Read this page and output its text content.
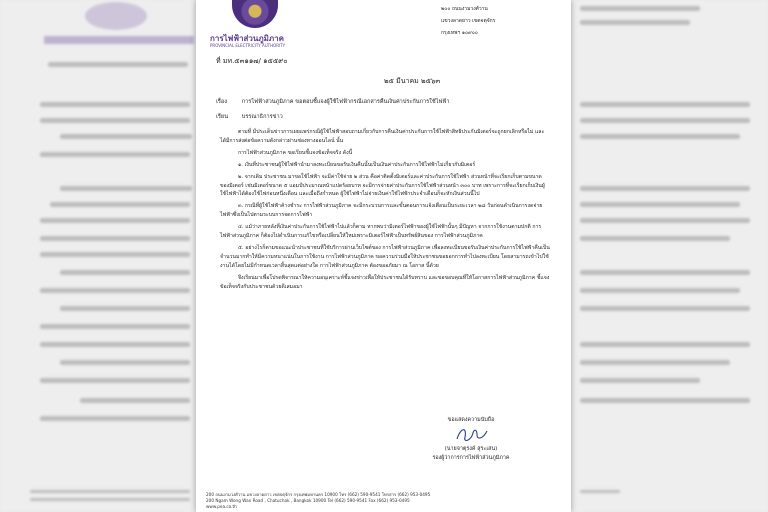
การไฟฟ้าส่วนภูมิภาค
PROVINCIAL ELECTRICITY AUTHORITY
๒๐๐ ถนนงามวงศ์วาน
แขวงลาดยาว เขตจตุจักร
กรุงเทพฯ ๑๐๙๐๐
ที่ มท.๕๓๑๑๗/ ๑๕๕๙๐
๒๕ มีนาคม ๒๕๖๓
เรื่อง	การไฟฟ้าส่วนภูมิภาค ขอตอบชี้แจงผู้ใช้ไฟฟ้ากรณีเอกสารคืนเงินค่าประกันการใช้ไฟฟ้า
เรียน บรรณาธิการข่าว

ตามที่ มีประเด็นข่าวการเผยแพร่กรณีผู้ใช้ไฟฟ้าสอบถามเกี่ยวกับการคืนเงินค่าประกันการใช้ไฟฟ้าสิทธิประกันมิเตอร์จะถูกยกเลิกหรือไม่ และได้มีการส่งต่อข้อความดังกล่าวผ่านช่องทางออนไลน์ นั้น

การไฟฟ้าส่วนภูมิภาค ขอเรียนชี้แจงข้อเท็จจริง ดังนี้

๑. เงินที่ประชาชนผู้ใช้ไฟฟ้านำมาลงทะเบียนขอรับเงินคืนนั้นเป็นเงินค่าประกันการใช้ไฟฟ้าไม่เกี่ยวกับมิเตอร์

๒. จากเดิม ประชาชน มาขอใช้ไฟฟ้า จะมีค่าใช้จ่าย ๒ ส่วน คือค่าติดตั้งมิเตอร์และค่าประกันการใช้ไฟฟ้า ส่วนหน้าที่จะเรียกเก็บตามขนาดของมิเตอร์ เช่นมิเตอร์ขนาด ๕ แอมป์ประมาณหน้าแปดร้อยบาท จะมีการจ่ายค่าประกันการใช้ไฟฟ้าส่วนหน้า ๓๐๐ บาท เพราะการที่จะเรียกเก็บเงินผู้ใช้ไฟฟ้าได้ต้องใช้ไฟก่อนหนึ่งเดือน และเมื่อถึงกำหนด ผู้ใช้ไฟฟ้าไม่จ่ายเงินค่าใช้ไฟฟ้าประจำเดือนก็จะหักเงินส่วนนี้ไป

๓. กรณีที่ผู้ใช้ไฟฟ้าค้างชำระ การไฟฟ้าส่วนภูมิภาค จะมีกระบวนการและขั้นตอนการแจ้งเตือนเป็นระยะเวลา ๒๘ วันก่อนดำเนินการงดจ่ายไฟฟ้าซึ่งเป็นไปตามระบบการจดการไฟฟ้า

๔. แม้ว่าภายหลังที่เงินค่าประกันการใช้ไฟฟ้าไปแล้วก็ตาม หากพบว่ามิเตอร์ไฟฟ้าของผู้ใช้ไฟฟ้านั้นๆ มีปัญหา จากการใช้งานตามปกติ การไฟฟ้าส่วนภูมิภาค ก็ต้องไปดำเนินการแก้ไขหรือเปลี่ยนให้ใหม่เพราะมิเตอร์ไฟฟ้าเป็นทรัพย์สินของ การไฟฟ้าส่วนภูมิภาค

๕. อย่างไรก็ตามขอแนะนำประชาชนที่ใช้บริการผ่านเว็บไซต์ของ การไฟฟ้าส่วนภูมิภาค เพื่อลงทะเบียนขอรับเงินค่าประกันการใช้ไฟฟ้าคืนเป็นจำนวนมากทำให้มีความหนาแน่นในการใช้งาน การไฟฟ้าส่วนภูมิภาค ขอความร่วมมือให้ประชาชนขอยอกการทำไปลงทะเบียน โดยสามารถเข้าไปใช้งานได้โดยไม่มีกำหนดเวลาสิ้นสุดแต่อย่างใด การไฟฟ้าส่วนภูมิภาค ต้องขออภัยมา ณ โอกาส นี้ด้วย

จึงเรียนมาเพื่อโปรดพิจารณาให้ความอนุเคราะห์ชี้แจงข่าวเพื่อให้ประชาชนได้รับทราบ และขอขอบคุณที่ให้โอกาสการไฟฟ้าส่วนภูมิภาค ชี้แจงข้อเท็จจริงกับประชาชนด้วยดีเสมอมา

ขอแสดงความนับถือ
(นายจาตุรงค์ สุระเสน)
รองผู้ว่าการการไฟฟ้าส่วนภูมิภาค
200 ถนนงามวงศ์วาน แขวงลาดยาว เขตจตุจักร กรุงเทพมหานคร 10900 โทร (662) 590-9541 โทรสาร (662) 953-0495
200 Ngam Wong Wan Road , Chatuchak , Bangkok 10900 Tel (662) 590-9541 Fax (662) 953-0495
www.pea.co.th
